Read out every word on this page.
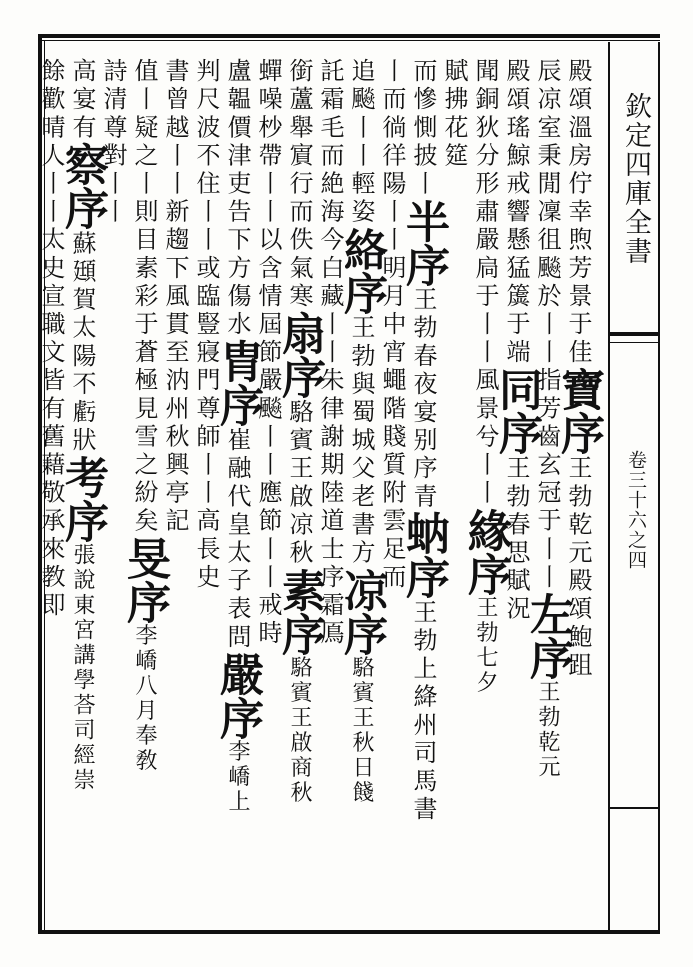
欽定四庫全書
卷三十六之四
殿頌溫房佇幸煦芳景于佳寶序王勃乾元殿頌鮑跙
辰凉室秉閒凜徂飈於丨丨指芳齒玄冠于丨丨左序王勃乾元
殿頌瑤鯨戒響懸猛簴于端同序王勃春思賦況
聞銅狄分形肅嚴扃于丨丨風景兮丨丨緣序王勃七夕
賦拂花筵
而慘惻披丨半序王勃春夜宴别序青蚋序王勃上絳州司馬書
丨而徜徉陽丨丨明月中宵蠅階賤質附雲足而
追飈丨丨輕姿絡序王勃與蜀城父老書方凉序駱賓王秋日餞
託霜毛而絶海今白藏丨丨朱律謝期陸道士序霜鳫
銜蘆舉賔行而佚氣寒扇序駱賓王啟凉秋素序駱賓王啟商秋
蟬噪杪帶丨丨以含情屆節嚴飈丨丨應節丨丨戒時
盧韞價津吏告下方傷水胄序崔融代皇太子表問嚴序李嶠上
判尺波不住丨丨或臨豎寢門尊師丨丨高長史
書曾越丨丨新趨下風貫至汭州秋興亭記
值丨疑之丨則目素彩于蒼極見雪之紛矣旻序李嶠八月奉敎
詩清尊對丨丨
高宴有察序蘇頲賀太陽不虧狀考序張說東宮講學荅司經崇
餘歡晴人丨丨太史宣職文皆有舊藉敬承來教即
